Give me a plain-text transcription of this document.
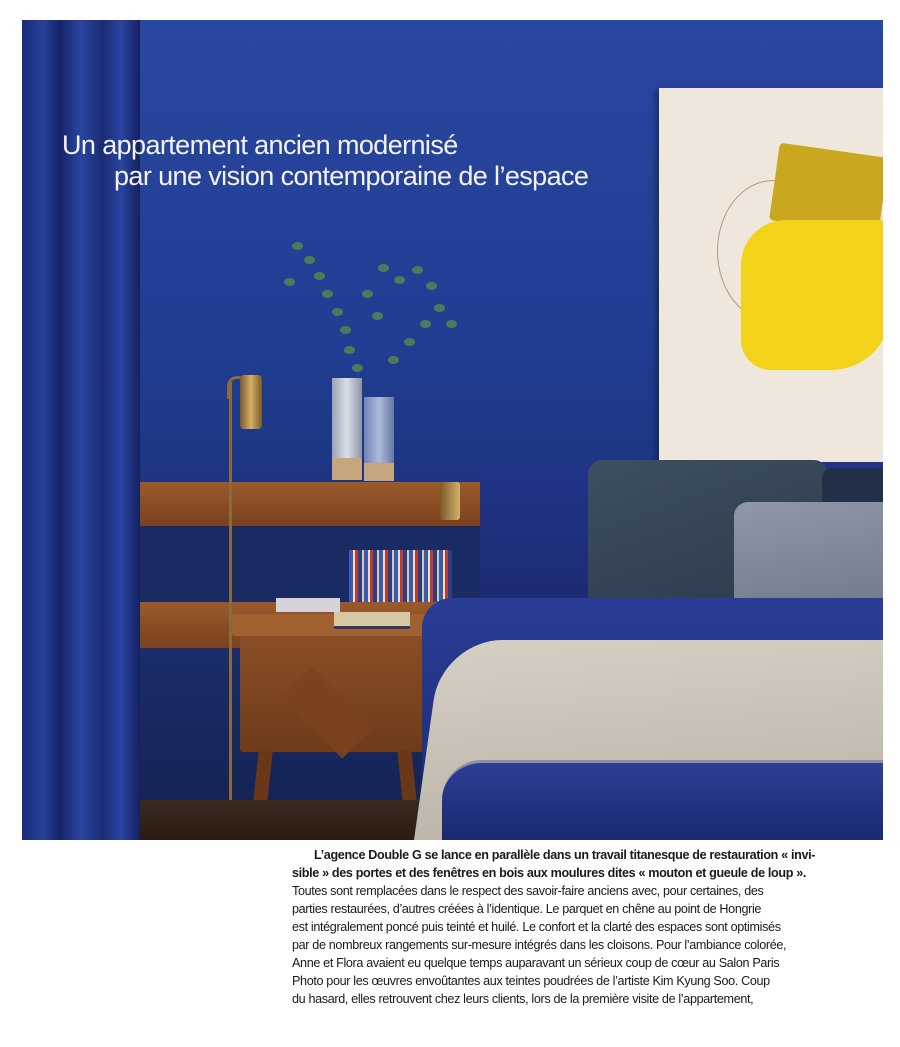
Un appartement ancien modernisé
par une vision contemporaine de l’espace
L’agence Double G se lance en parallèle dans un travail titanesque de restauration « invi-
sible » des portes et des fenêtres en bois aux moulures dites « mouton et gueule de loup ».
Toutes sont remplacées dans le respect des savoir-faire anciens avec, pour certaines, des
parties restaurées, d’autres créées à l’identique. Le parquet en chêne au point de Hongrie
est intégralement poncé puis teinté et huilé. Le confort et la clarté des espaces sont optimisés
par de nombreux rangements sur-mesure intégrés dans les cloisons. Pour l’ambiance colorée,
Anne et Flora avaient eu quelque temps auparavant un sérieux coup de cœur au Salon Paris
Photo pour les œuvres envoûtantes aux teintes poudrées de l’artiste Kim Kyung Soo. Coup
du hasard, elles retrouvent chez leurs clients, lors de la première visite de l’appartement,
